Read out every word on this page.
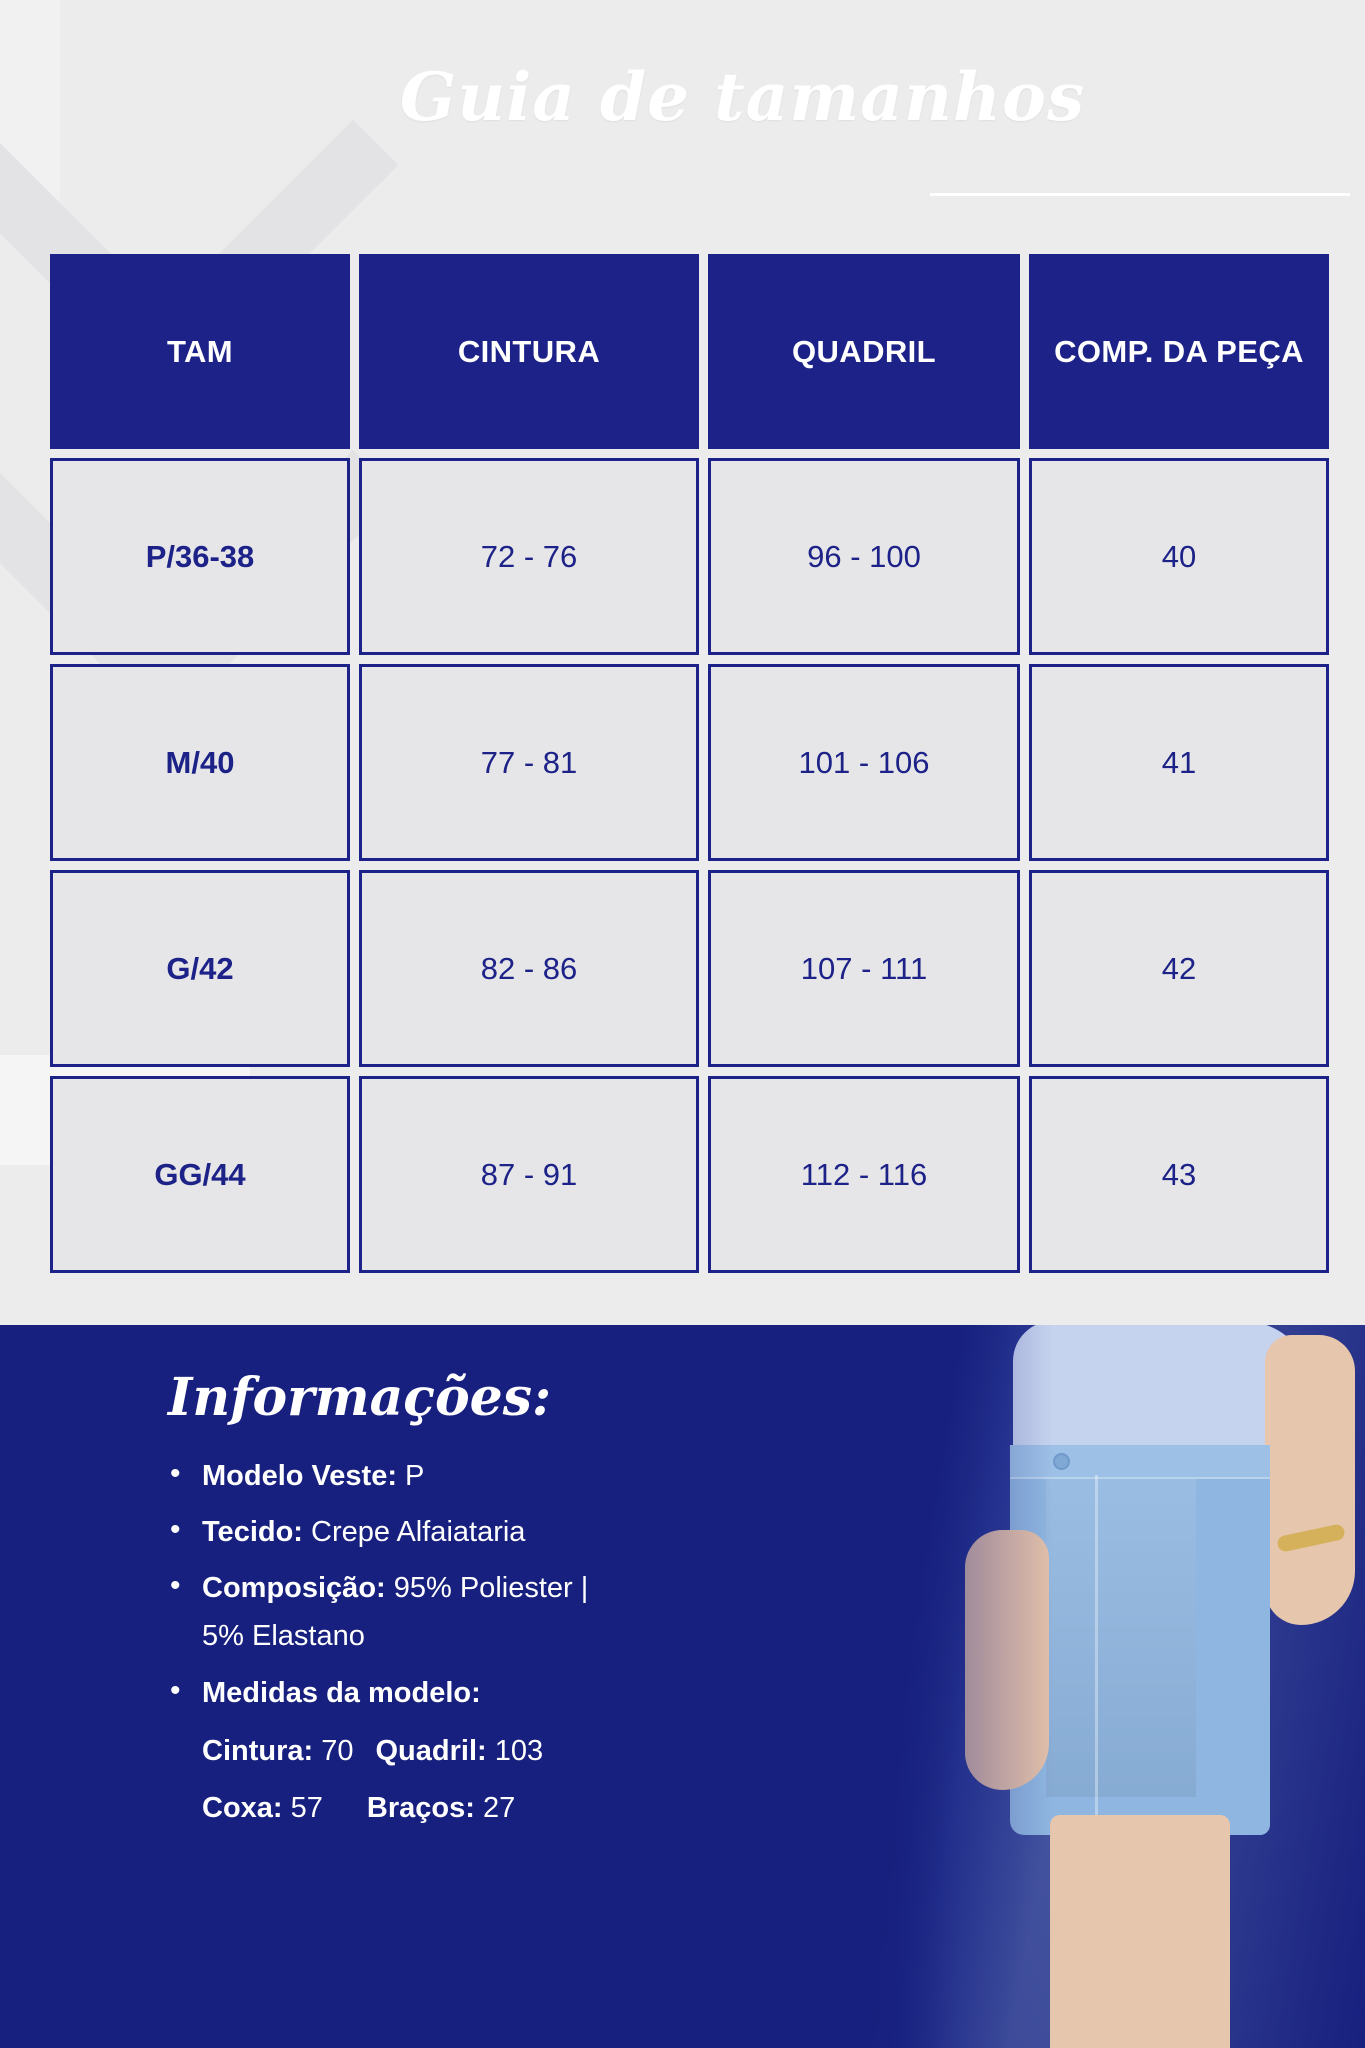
Guia de tamanhos
TAM	CINTURA	QUADRIL	COMP. DA PEÇA
P/36-38	72 - 76	96 - 100	40
M/40	77 - 81	101 - 106	41
G/42	82 - 86	107 - 111	42
GG/44	87 - 91	112 - 116	43
Informações:
• Modelo Veste: P
• Tecido: Crepe Alfaiataria
• Composição: 95% Poliester |
5% Elastano
• Medidas da modelo:
Cintura: 70 Quadril: 103
Coxa: 57 Braços: 27
